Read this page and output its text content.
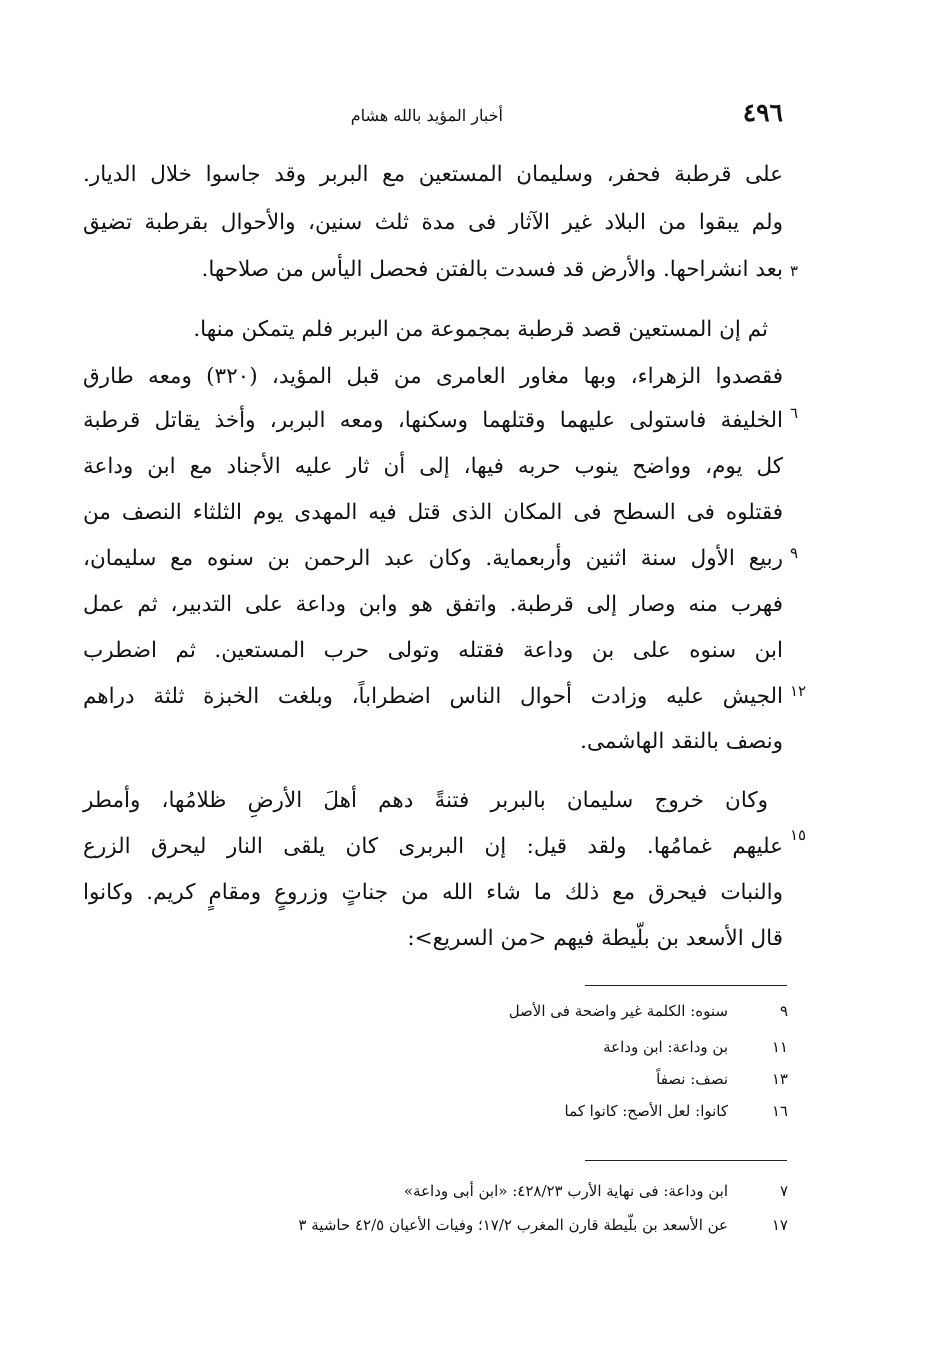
٤٩٦
أخبار المؤيد بالله هشام
على قرطبة فحفر، وسليمان المستعين مع البربر وقد جاسوا خلال الديار.
ولم يبقوا من البلاد غير الآثار فى مدة ثلث سنين، والأحوال بقرطبة تضيق
بعد انشراحها. والأرض قد فسدت بالفتن فحصل اليأس من صلاحها. ٣
ثم إن المستعين قصد قرطبة بمجموعة من البربر فلم يتمكن منها.
فقصدوا الزهراء، وبها مغاور العامرى من قبل المؤيد، (٣٢٠) ومعه طارق
الخليفة فاستولى عليهما وقتلهما وسكنها، ومعه البربر، وأخذ يقاتل قرطبة ٦
كل يوم، وواضح ينوب حربه فيها، إلى أن ثار عليه الأجناد مع ابن وداعة
فقتلوه فى السطح فى المكان الذى قتل فيه المهدى يوم الثلثاء النصف من
ربيع الأول سنة اثنين وأربعماية. وكان عبد الرحمن بن سنوه مع سليمان، ٩
فهرب منه وصار إلى قرطبة. واتفق هو وابن وداعة على التدبير، ثم عمل
ابن سنوه على بن وداعة فقتله وتولى حرب المستعين. ثم اضطرب
الجيش عليه وزادت أحوال الناس اضطراباً، وبلغت الخبزة ثلثة دراهم ١٢
ونصف بالنقد الهاشمى.
وكان خروج سليمان بالبربر فتنةً دهم أهلَ الأرضِ ظلامُها، وأمطر
عليهم غمامُها. ولقد قيل: إن البربرى كان يلقى النار ليحرق الزرع ١٥
والنبات فيحرق مع ذلك ما شاء الله من جناتٍ وزروعٍ ومقامٍ كريم. وكانوا
قال الأسعد بن بلّيطة فيهم <من السريع>:
٩
سنوه: الكلمة غير واضحة فى الأصل
١١
بن وداعة: ابن وداعة
١٣
نصف: نصفاً
١٦
كانوا: لعل الأصح: كانوا كما
٧
ابن وداعة: فى نهاية الأرب ٤٢٨/٢٣: «ابن أبى وداعة»
١٧
عن الأسعد بن بلّيطة قارن المغرب ١٧/٢؛ وفيات الأعيان ٤٢/٥ حاشية ٣
